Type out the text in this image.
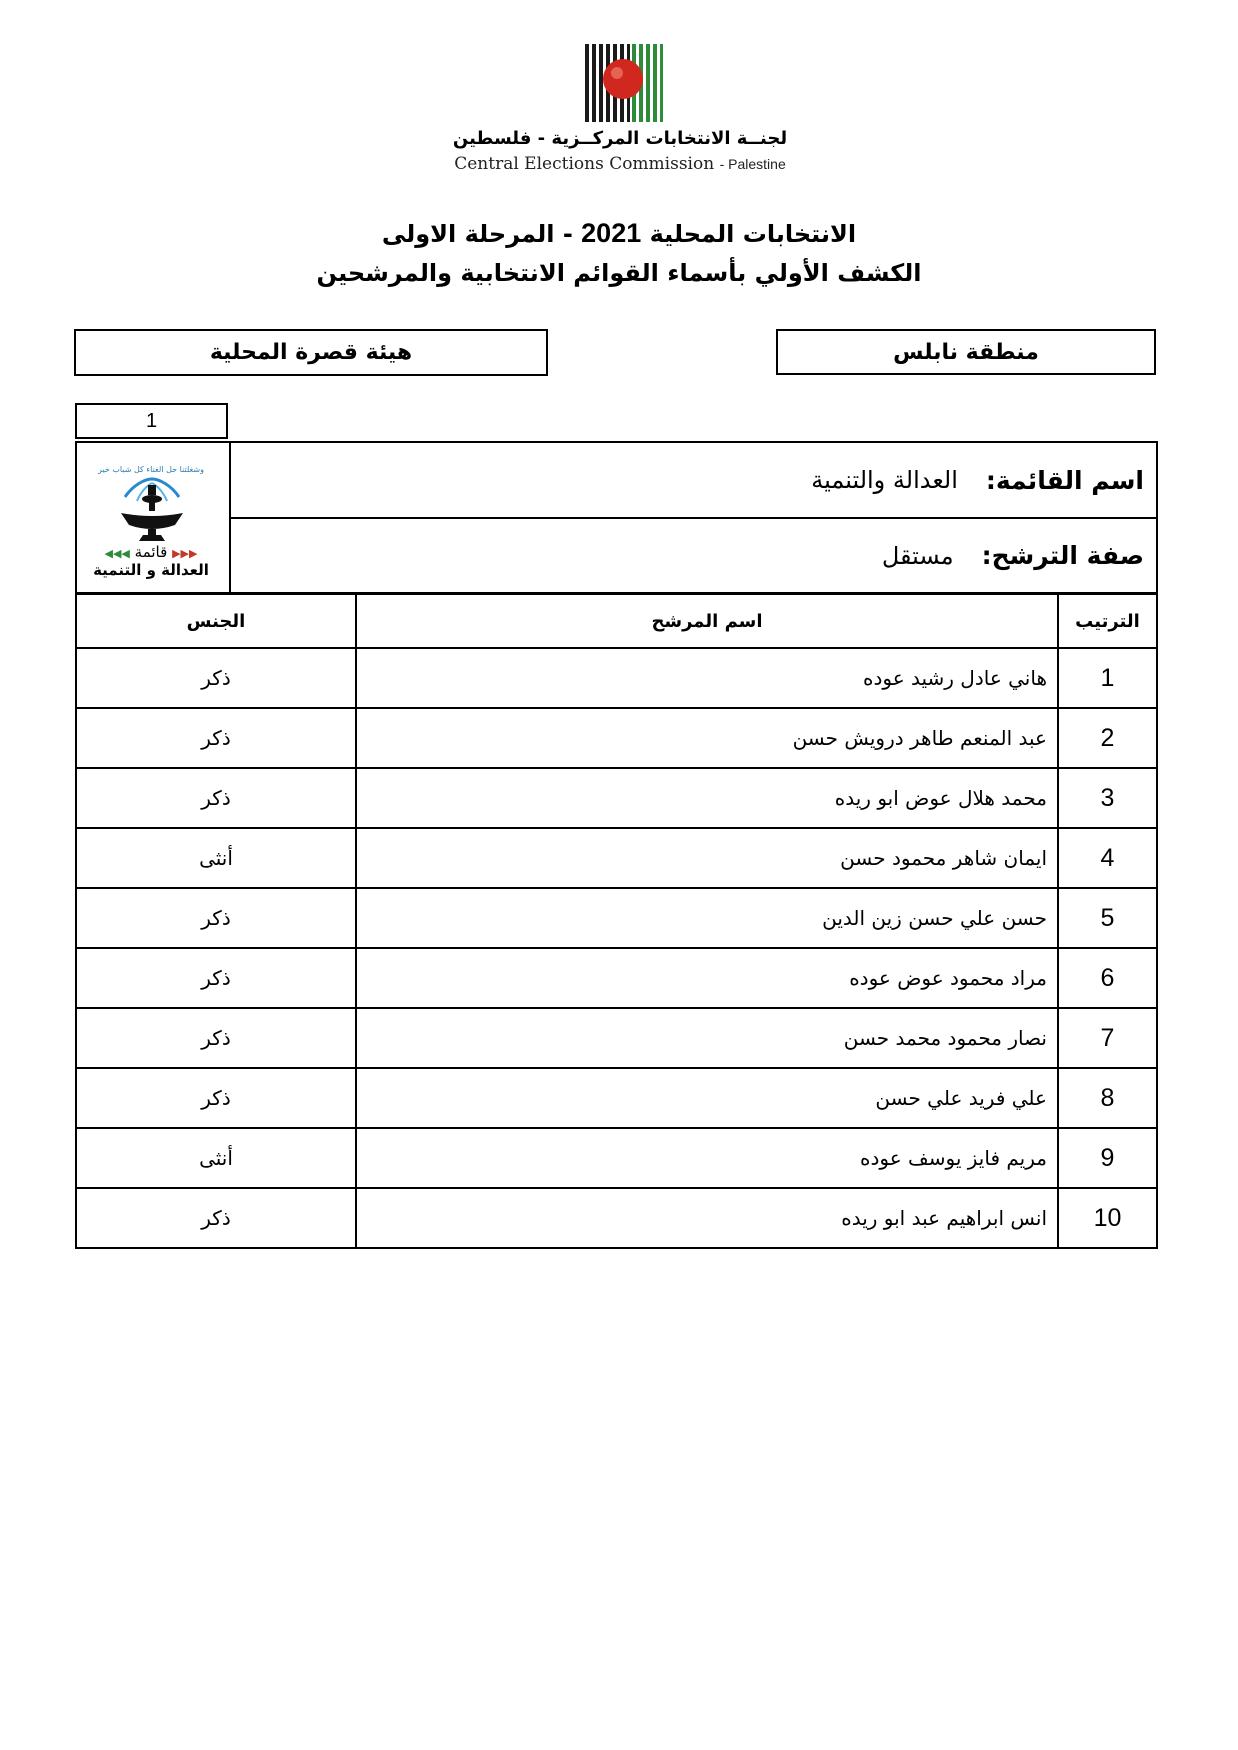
لجنــة الانتخابات المركــزية - فلسطين
Central Elections Commission - Palestine
الانتخابات المحلية 2021 - المرحلة الاولى
الكشف الأولي بأسماء القوائم الانتخابية والمرشحين
منطقة نابلس
هيئة قصرة المحلية
1
وشغلتنا حل الغناء كل شباب خير
▶▶▶ قائمة ◀◀◀
العدالة و التنمية
اسم القائمة:
العدالة والتنمية
صفة الترشح:
مستقل
الترتيب	اسم المرشح	الجنس
1	هاني عادل رشيد عوده	ذكر
2	عبد المنعم طاهر درويش حسن	ذكر
3	محمد هلال عوض ابو ريده	ذكر
4	ايمان شاهر محمود حسن	أنثى
5	حسن علي حسن زين الدين	ذكر
6	مراد محمود عوض عوده	ذكر
7	نصار محمود محمد حسن	ذكر
8	علي فريد علي حسن	ذكر
9	مريم فايز يوسف عوده	أنثى
10	انس ابراهيم عبد ابو ريده	ذكر
